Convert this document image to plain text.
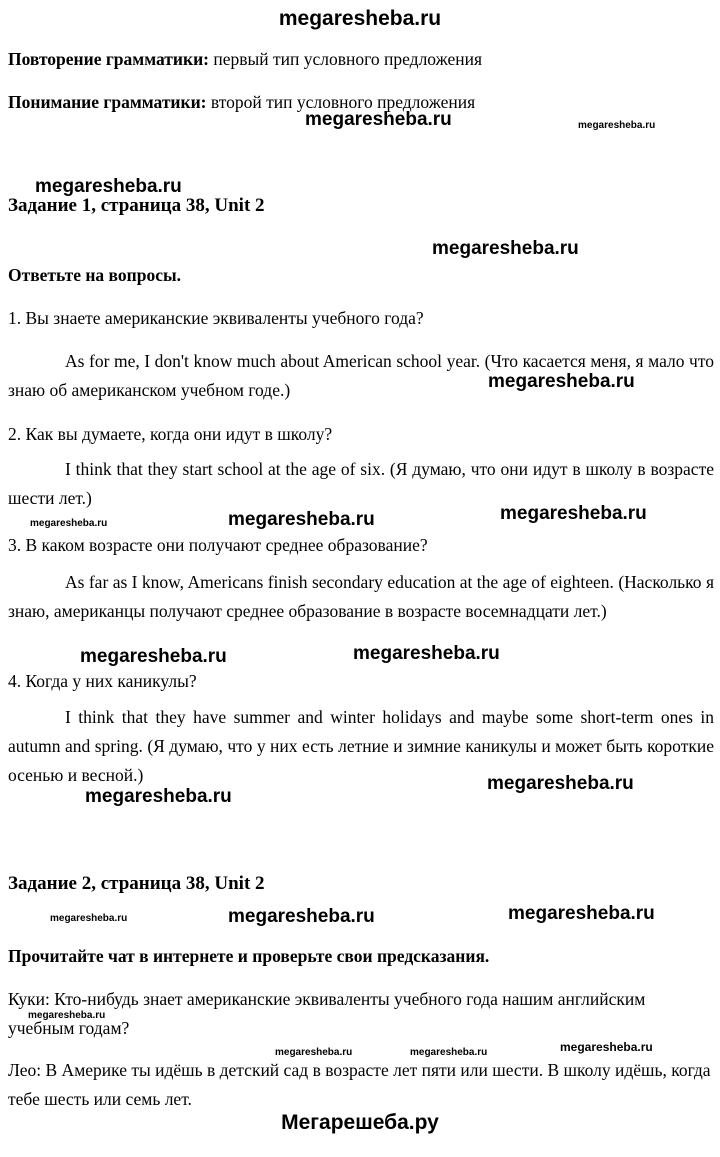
megaresheba.ru
Повторение грамматики: первый тип условного предложения
Понимание грамматики: второй тип условного предложения
Задание 1, страница 38, Unit 2
Ответьте на вопросы.
1. Вы знаете американские эквиваленты учебного года?
As for me, I don't know much about American school year. (Что касается меня, я мало что знаю об американском учебном годе.)
2. Как вы думаете, когда они идут в школу?
I think that they start school at the age of six. (Я думаю, что они идут в школу в возрасте шести лет.)
3. В каком возрасте они получают среднее образование?
As far as I know, Americans finish secondary education at the age of eighteen. (Насколько я знаю, американцы получают среднее образование в возрасте восемнадцати лет.)
4. Когда у них каникулы?
I think that they have summer and winter holidays and maybe some short-term ones in autumn and spring. (Я думаю, что у них есть летние и зимние каникулы и может быть короткие осенью и весной.)
Задание 2, страница 38, Unit 2
Прочитайте чат в интернете и проверьте свои предсказания.
Куки: Кто-нибудь знает американские эквиваленты учебного года нашим английским учебным годам?
Лео: В Америке ты идёшь в детский сад в возрасте лет пяти или шести. В школу идёшь, когда тебе шесть или семь лет.
Мегарешеба.ру
megaresheba.ru	megaresheba.ru
megaresheba.ru
megaresheba.ru
megaresheba.ru
megaresheba.ru	megaresheba.ru	megaresheba.ru
megaresheba.ru	megaresheba.ru
megaresheba.ru
megaresheba.ru
megaresheba.ru	megaresheba.ru	megaresheba.ru
megaresheba.ru
megaresheba.ru	megaresheba.ru	megaresheba.ru
